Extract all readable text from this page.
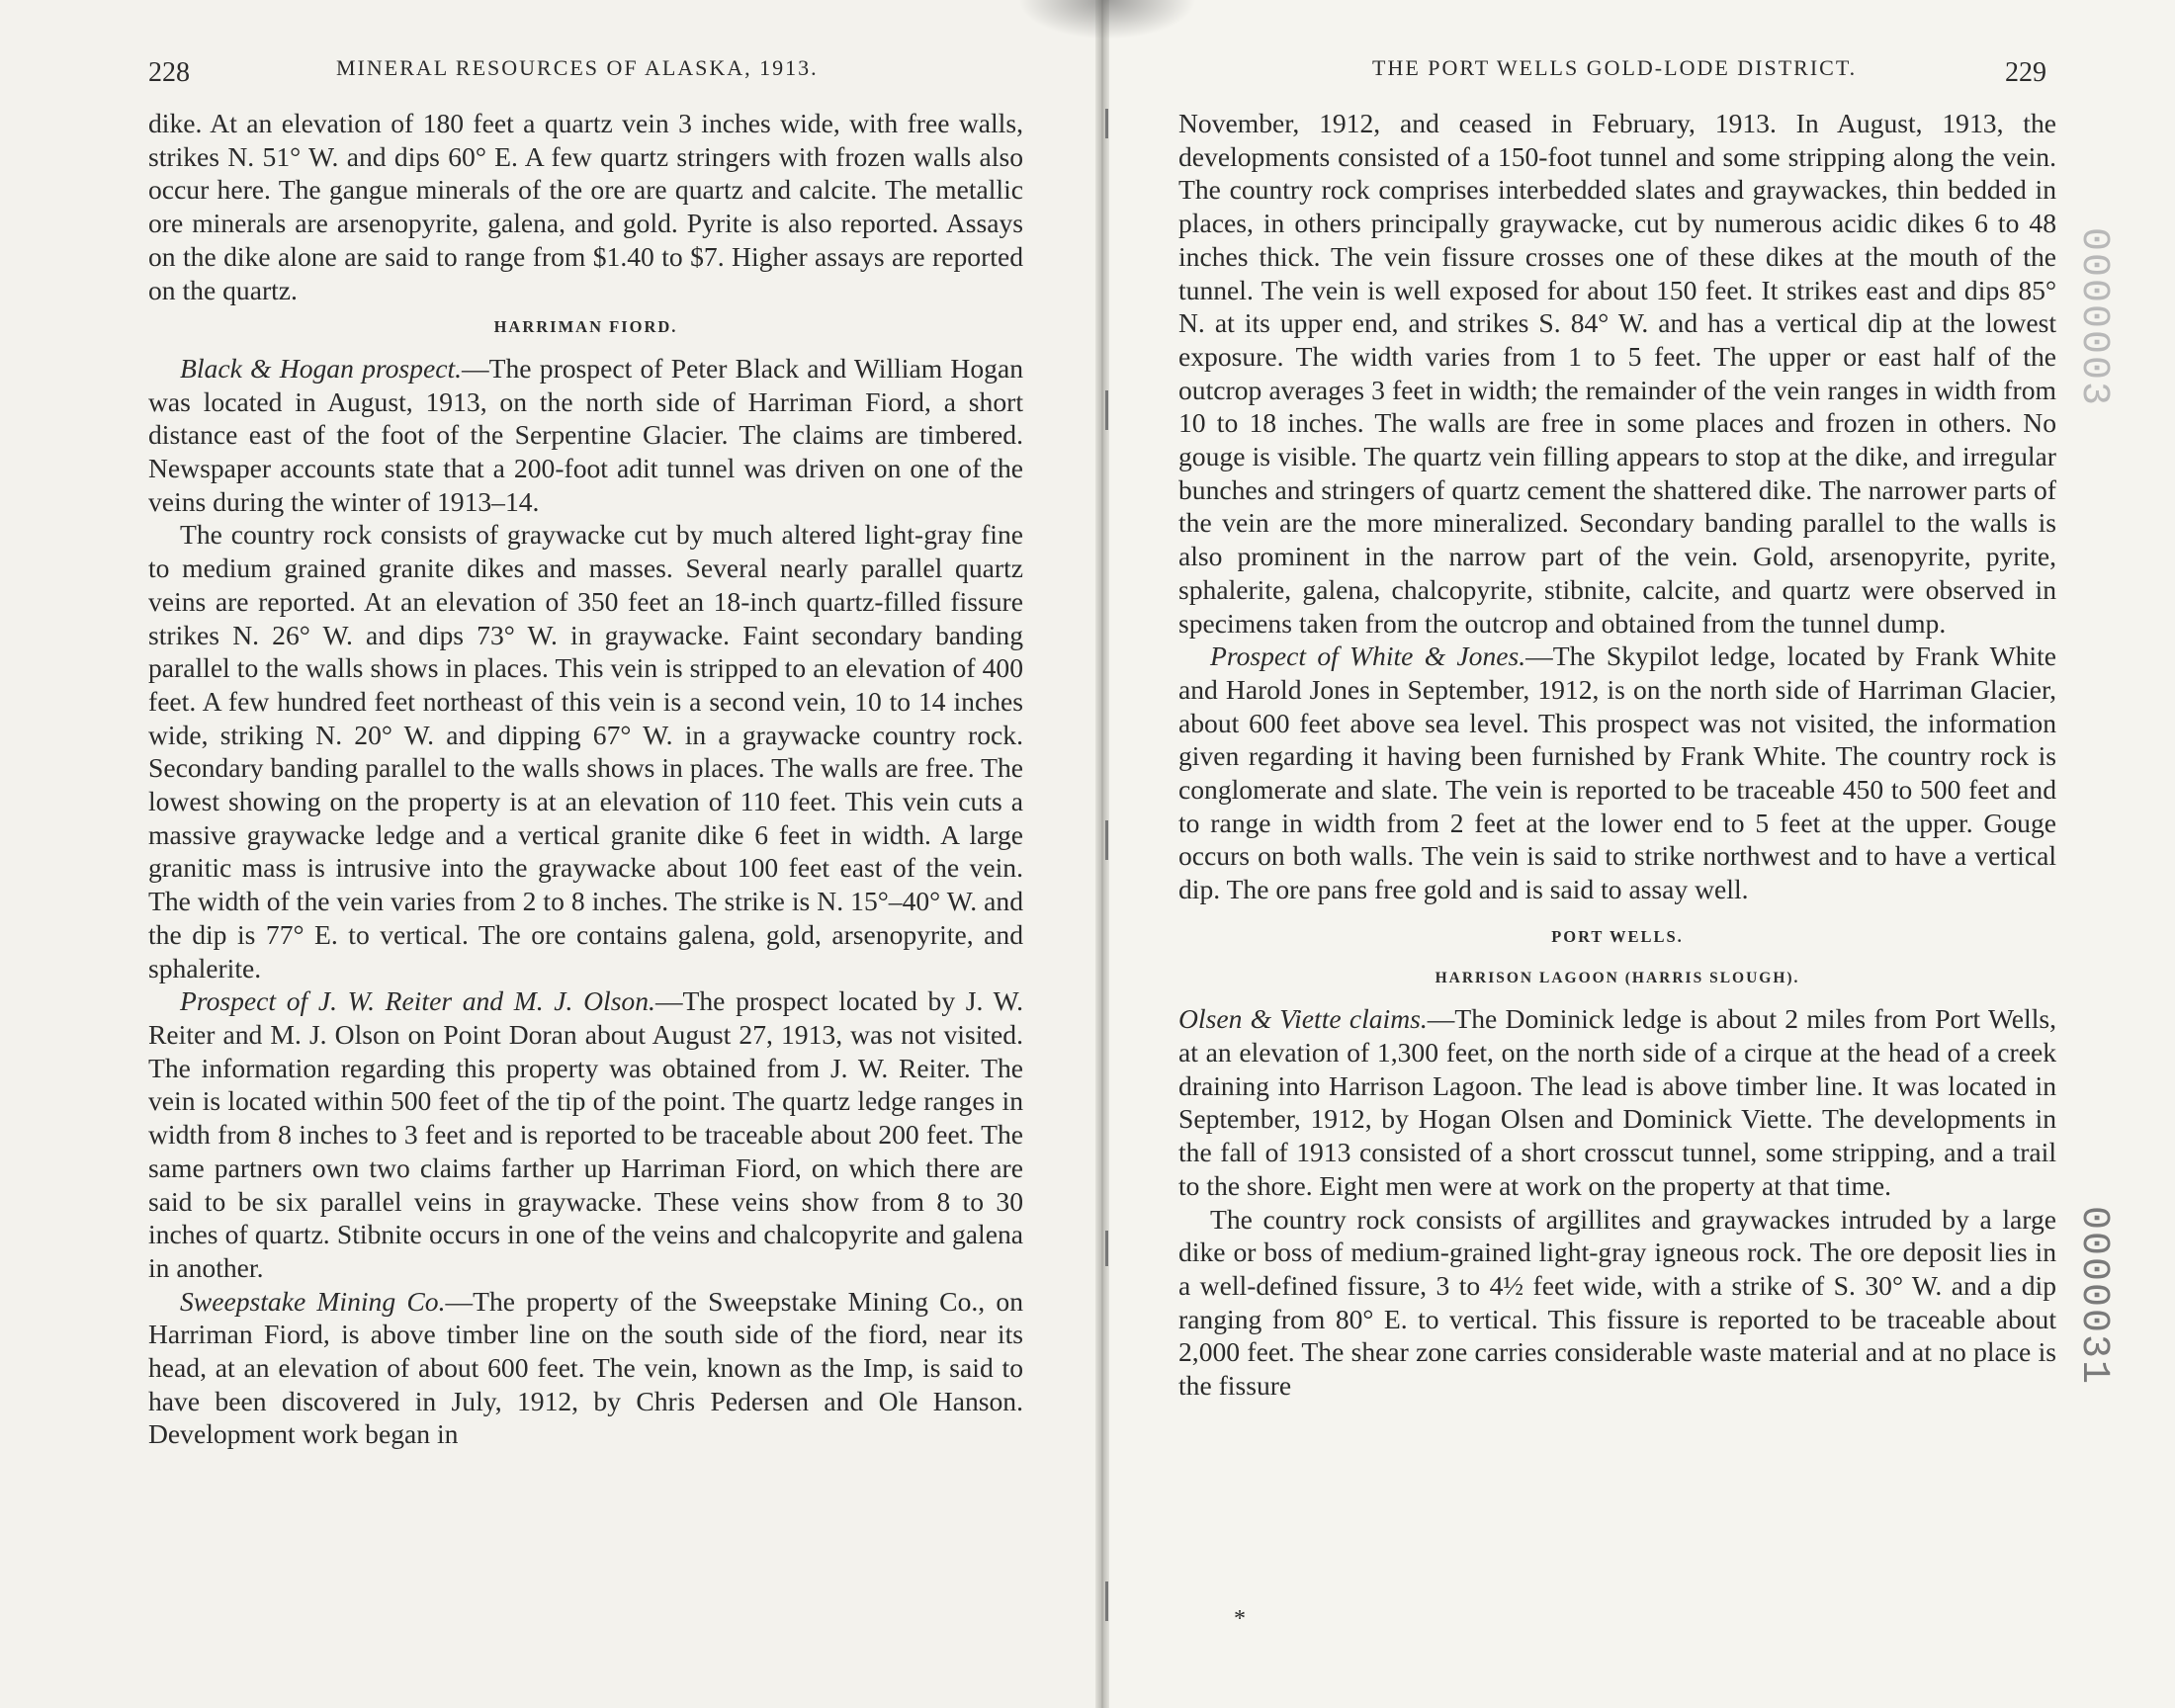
228	MINERAL RESOURCES OF ALASKA, 1913.	THE PORT WELLS GOLD-LODE DISTRICT.	229

dike. At an elevation of 180 feet a quartz vein 3 inches wide, with free walls, strikes N. 51° W. and dips 60° E. A few quartz stringers with frozen walls also occur here. The gangue minerals of the ore are quartz and calcite. The metallic ore minerals are arsenopyrite, galena, and gold. Pyrite is also reported. Assays on the dike alone are said to range from $1.40 to $7. Higher assays are reported on the quartz.

HARRIMAN FIORD.

Black & Hogan prospect.—The prospect of Peter Black and William Hogan was located in August, 1913, on the north side of Harriman Fiord, a short distance east of the foot of the Serpentine Glacier. The claims are timbered. Newspaper accounts state that a 200-foot adit tunnel was driven on one of the veins during the winter of 1913–14.

The country rock consists of graywacke cut by much altered light-gray fine to medium grained granite dikes and masses. Several nearly parallel quartz veins are reported. At an elevation of 350 feet an 18-inch quartz-filled fissure strikes N. 26° W. and dips 73° W. in graywacke. Faint secondary banding parallel to the walls shows in places. This vein is stripped to an elevation of 400 feet. A few hundred feet northeast of this vein is a second vein, 10 to 14 inches wide, striking N. 20° W. and dipping 67° W. in a graywacke country rock. Secondary banding parallel to the walls shows in places. The walls are free. The lowest showing on the property is at an elevation of 110 feet. This vein cuts a massive graywacke ledge and a vertical granite dike 6 feet in width. A large granitic mass is intrusive into the graywacke about 100 feet east of the vein. The width of the vein varies from 2 to 8 inches. The strike is N. 15°–40° W. and the dip is 77° E. to vertical. The ore contains galena, gold, arsenopyrite, and sphalerite.

Prospect of J. W. Reiter and M. J. Olson.—The prospect located by J. W. Reiter and M. J. Olson on Point Doran about August 27, 1913, was not visited. The information regarding this property was obtained from J. W. Reiter. The vein is located within 500 feet of the tip of the point. The quartz ledge ranges in width from 8 inches to 3 feet and is reported to be traceable about 200 feet. The same partners own two claims farther up Harriman Fiord, on which there are said to be six parallel veins in graywacke. These veins show from 8 to 30 inches of quartz. Stibnite occurs in one of the veins and chalcopyrite and galena in another.

Sweepstake Mining Co.—The property of the Sweepstake Mining Co., on Harriman Fiord, is above timber line on the south side of the fiord, near its head, at an elevation of about 600 feet. The vein, known as the Imp, is said to have been discovered in July, 1912, by Chris Pedersen and Ole Hanson. Development work began in

November, 1912, and ceased in February, 1913. In August, 1913, the developments consisted of a 150-foot tunnel and some stripping along the vein. The country rock comprises interbedded slates and graywackes, thin bedded in places, in others principally graywacke, cut by numerous acidic dikes 6 to 48 inches thick. The vein fissure crosses one of these dikes at the mouth of the tunnel. The vein is well exposed for about 150 feet. It strikes east and dips 85° N. at its upper end, and strikes S. 84° W. and has a vertical dip at the lowest exposure. The width varies from 1 to 5 feet. The upper or east half of the outcrop averages 3 feet in width; the remainder of the vein ranges in width from 10 to 18 inches. The walls are free in some places and frozen in others. No gouge is visible. The quartz vein filling appears to stop at the dike, and irregular bunches and stringers of quartz cement the shattered dike. The narrower parts of the vein are the more mineralized. Secondary banding parallel to the walls is also prominent in the narrow part of the vein. Gold, arsenopyrite, pyrite, sphalerite, galena, chalcopyrite, stibnite, calcite, and quartz were observed in specimens taken from the outcrop and obtained from the tunnel dump.

Prospect of White & Jones.—The Skypilot ledge, located by Frank White and Harold Jones in September, 1912, is on the north side of Harriman Glacier, about 600 feet above sea level. This prospect was not visited, the information given regarding it having been furnished by Frank White. The country rock is conglomerate and slate. The vein is reported to be traceable 450 to 500 feet and to range in width from 2 feet at the lower end to 5 feet at the upper. Gouge occurs on both walls. The vein is said to strike northwest and to have a vertical dip. The ore pans free gold and is said to assay well.

PORT WELLS.
HARRISON LAGOON (HARRIS SLOUGH).

Olsen & Viette claims.—The Dominick ledge is about 2 miles from Port Wells, at an elevation of 1,300 feet, on the north side of a cirque at the head of a creek draining into Harrison Lagoon. The lead is above timber line. It was located in September, 1912, by Hogan Olsen and Dominick Viette. The developments in the fall of 1913 consisted of a short crosscut tunnel, some stripping, and a trail to the shore. Eight men were at work on the property at that time.

The country rock consists of argillites and graywackes intruded by a large dike or boss of medium-grained light-gray igneous rock. The ore deposit lies in a well-defined fissure, 3 to 4½ feet wide, with a strike of S. 30° W. and a dip ranging from 80° E. to vertical. This fissure is reported to be traceable about 2,000 feet. The shear zone carries considerable waste material and at no place is the fissure

0000003
0000031
*
